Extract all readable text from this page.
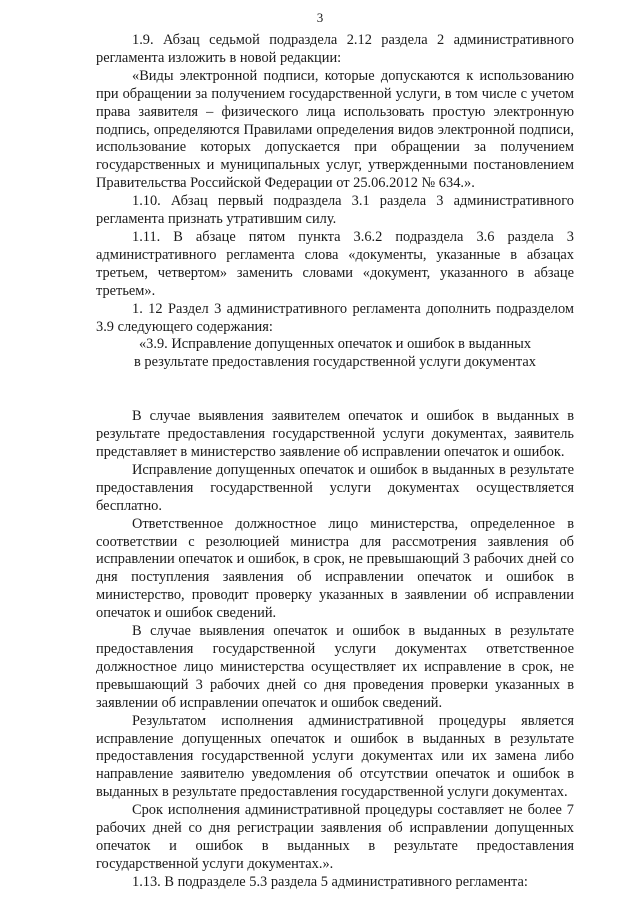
3

1.9. Абзац седьмой подраздела 2.12 раздела 2 административного регламента изложить в новой редакции:

«Виды электронной подписи, которые допускаются к использованию при обращении за получением государственной услуги, в том числе с учетом права заявителя – физического лица использовать простую электронную подпись, определяются Правилами определения видов электронной подписи, использование которых допускается при обращении за получением государственных и муниципальных услуг, утвержденными постановлением Правительства Российской Федерации от 25.06.2012 № 634.».

1.10. Абзац первый подраздела 3.1 раздела 3 административного регламента признать утратившим силу.

1.11. В абзаце пятом пункта 3.6.2 подраздела 3.6 раздела 3 административного регламента слова «документы, указанные в абзацах третьем, четвертом» заменить словами «документ, указанного в абзаце третьем».

1. 12 Раздел 3 административного регламента дополнить подразделом 3.9 следующего содержания:

«3.9. Исправление допущенных опечаток и ошибок в выданных
в результате предоставления государственной услуги документах

В случае выявления заявителем опечаток и ошибок в выданных в результате предоставления государственной услуги документах, заявитель представляет в министерство заявление об исправлении опечаток и ошибок.

Исправление допущенных опечаток и ошибок в выданных в результате предоставления государственной услуги документах осуществляется бесплатно.

Ответственное должностное лицо министерства, определенное в соответствии с резолюцией министра для рассмотрения заявления об исправлении опечаток и ошибок, в срок, не превышающий 3 рабочих дней со дня поступления заявления об исправлении опечаток и ошибок в министерство, проводит проверку указанных в заявлении об исправлении опечаток и ошибок сведений.

В случае выявления опечаток и ошибок в выданных в результате предоставления государственной услуги документах ответственное должностное лицо министерства осуществляет их исправление в срок, не превышающий 3 рабочих дней со дня проведения проверки указанных в заявлении об исправлении опечаток и ошибок сведений.

Результатом исполнения административной процедуры является исправление допущенных опечаток и ошибок в выданных в результате предоставления государственной услуги документах или их замена либо направление заявителю уведомления об отсутствии опечаток и ошибок в выданных в результате предоставления государственной услуги документах.

Срок исполнения административной процедуры составляет не более 7 рабочих дней со дня регистрации заявления об исправлении допущенных опечаток и ошибок в выданных в результате предоставления государственной услуги документах.».

1.13. В подразделе 5.3 раздела 5 административного регламента:
